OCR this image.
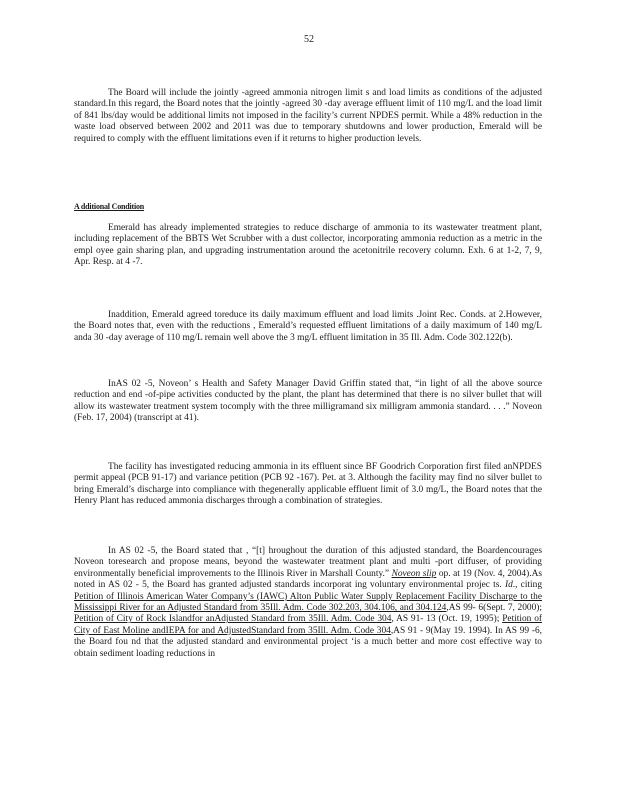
52

The Board will include the jointly -agreed ammonia nitrogen limit s and load limits as conditions of the adjusted standard.In this regard, the Board notes that the jointly -agreed 30 -day average effluent limit of 110 mg/L and the load limit of 841 lbs/day would be additional limits not imposed in the facility’s current NPDES permit. While a 48% reduction in the waste load observed between 2002 and 2011 was due to temporary shutdowns and lower production, Emerald will be required to comply with the effluent limitations even if it returns to higher production levels.

A dditional Condition

Emerald has already implemented strategies to reduce discharge of ammonia to its wastewater treatment plant, including replacement of the BBTS Wet Scrubber with a dust collector, incorporating ammonia reduction as a metric in the empl oyee gain sharing plan, and upgrading instrumentation around the acetonitrile recovery column. Exh. 6 at 1-2, 7, 9, Apr. Resp. at 4 -7.

Inaddition, Emerald agreed toreduce its daily maximum effluent and load limits .Joint Rec. Conds. at 2.However, the Board notes that, even with the reductions , Emerald’s requested effluent limitations of a daily maximum of 140 mg/L anda 30 -day average of 110 mg/L remain well above the 3 mg/L effluent limitation in 35 Ill. Adm. Code 302.122(b).

InAS 02 -5, Noveon’ s Health and Safety Manager David Griffin stated that, “in light of all the above source reduction and end -of-pipe activities conducted by the plant, the plant has determined that there is no silver bullet that will allow its wastewater treatment system tocomply with the three milligramand six milligram ammonia standard. . . .” Noveon (Feb. 17, 2004) (transcript at 41).

The facility has investigated reducing ammonia in its effluent since BF Goodrich Corporation first filed anNPDES permit appeal (PCB 91-17) and variance petition (PCB 92 -167). Pet. at 3. Although the facility may find no silver bullet to bring Emerald’s discharge into compliance with thegenerally applicable effluent limit of 3.0 mg/L, the Board notes that the Henry Plant has reduced ammonia discharges through a combination of strategies.

In AS 02 -5, the Board stated that , “[t] hroughout the duration of this adjusted standard, the Boardencourages Noveon toresearch and propose means, beyond the wastewater treatment plant and multi -port diffuser, of providing environmentally beneficial improvements to the Illinois River in Marshall County.” Noveon slip op. at 19 (Nov. 4, 2004).As noted in AS 02 - 5, the Board has granted adjusted standards incorporat ing voluntary environmental projec ts. Id., citing Petition of Illinois American Water Company’s (IAWC) Alton Public Water Supply Replacement Facility Discharge to the Mississippi River for an Adjusted Standard from 35Ill. Adm. Code 302.203, 304.106, and 304.124,AS 99- 6(Sept. 7, 2000); Petition of City of Rock Islandfor anAdjusted Standard from 35Ill. Adm. Code 304, AS 91- 13 (Oct. 19, 1995); Petition of City of East Moline andIEPA for and AdjustedStandard from 35Ill. Adm. Code 304,AS 91 - 9(May 19. 1994). In AS 99 -6, the Board fou nd that the adjusted standard and environmental project ‘is a much better and more cost effective way to obtain sediment loading reductions in
